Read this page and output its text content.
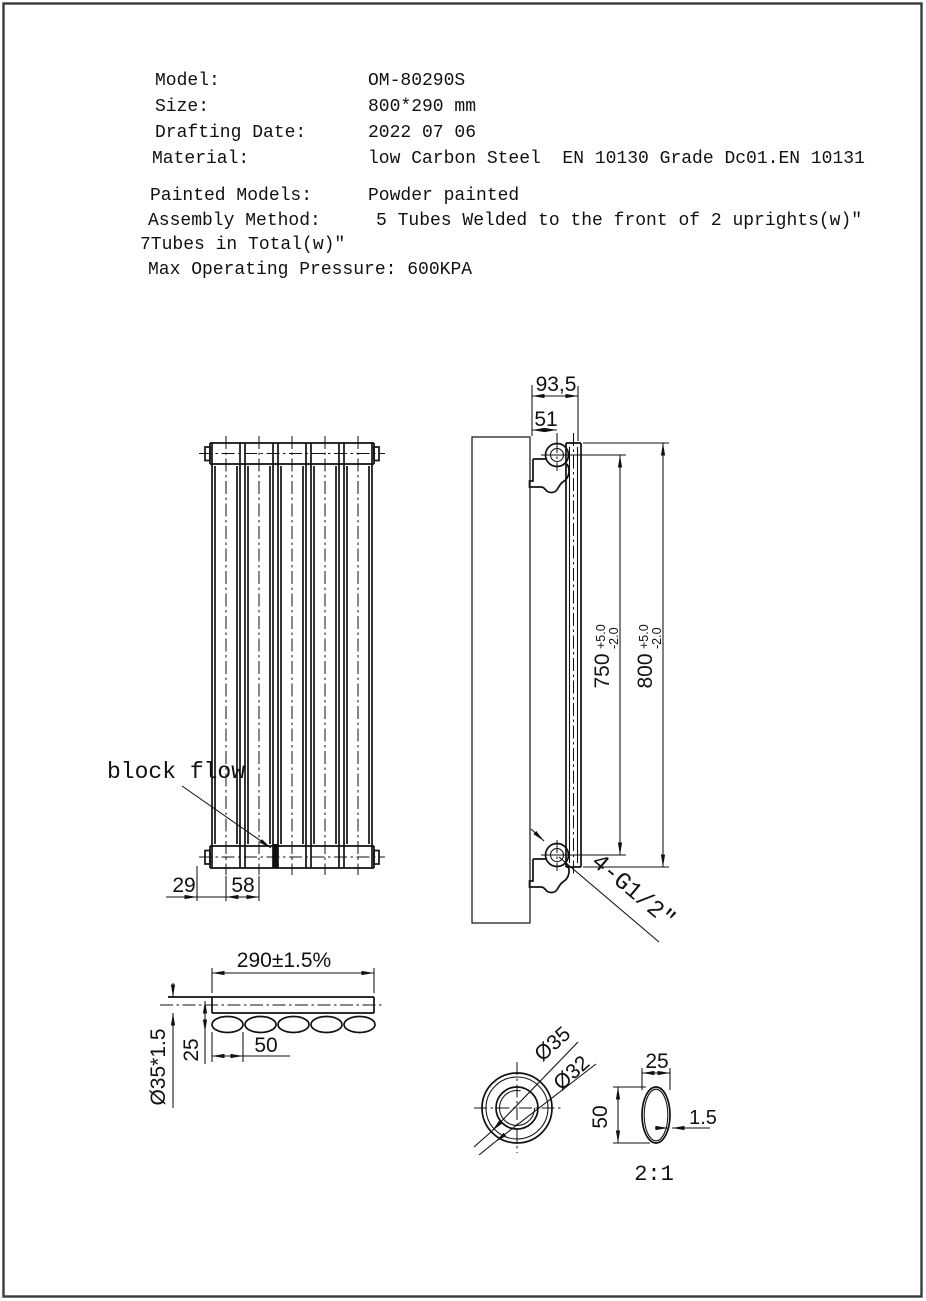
Model:	OM-80290S
Size:	800*290 mm
Drafting Date:	2022 07 06
Material:	low Carbon Steel  EN 10130 Grade Dc01.EN 10131
Painted Models:	Powder painted
Assembly Method:	5 Tubes Welded to the front of 2 uprights(w)"
7Tubes in Total(w)"
Max Operating Pressure: 600KPA
block flow
29 58
93,5
51
750
+5.0 -2.0
800
+5.0 -2.0
4-G1/2"
290±1.5%
Ø35*1.5 25 50	Ø35
Ø32 25
50	1.5
2:1
